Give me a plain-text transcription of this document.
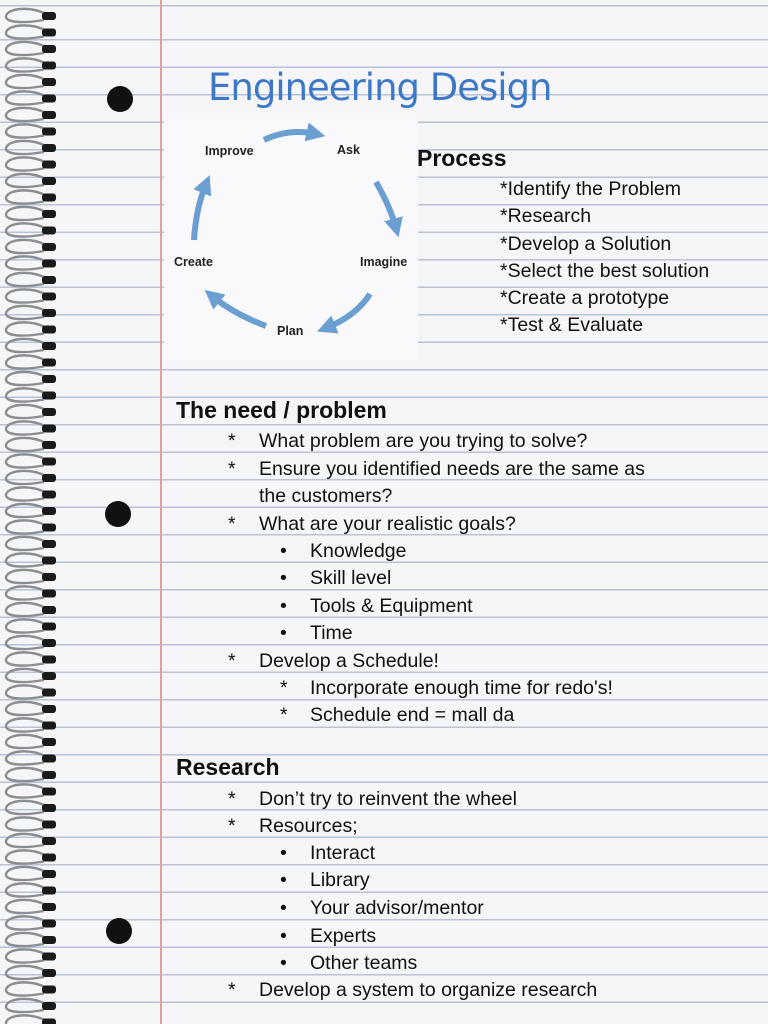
Engineering Design
Ask
Imagine
Plan
Create
Improve	Process
*Identify the Problem
*Research
*Develop a Solution
*Select the best solution
*Create a prototype
*Test & Evaluate
The need / problem
* What problem are you trying to solve?
* Ensure you identified needs are the same as
the customers?
* What are your realistic goals?
• Knowledge
• Skill level
• Tools & Equipment
• Time
* Develop a Schedule!
* Incorporate enough time for redo's!
* Schedule end = mall da
Research
* Don’t try to reinvent the wheel
* Resources;
• Interact
• Library
• Your advisor/mentor
• Experts
• Other teams
* Develop a system to organize research
